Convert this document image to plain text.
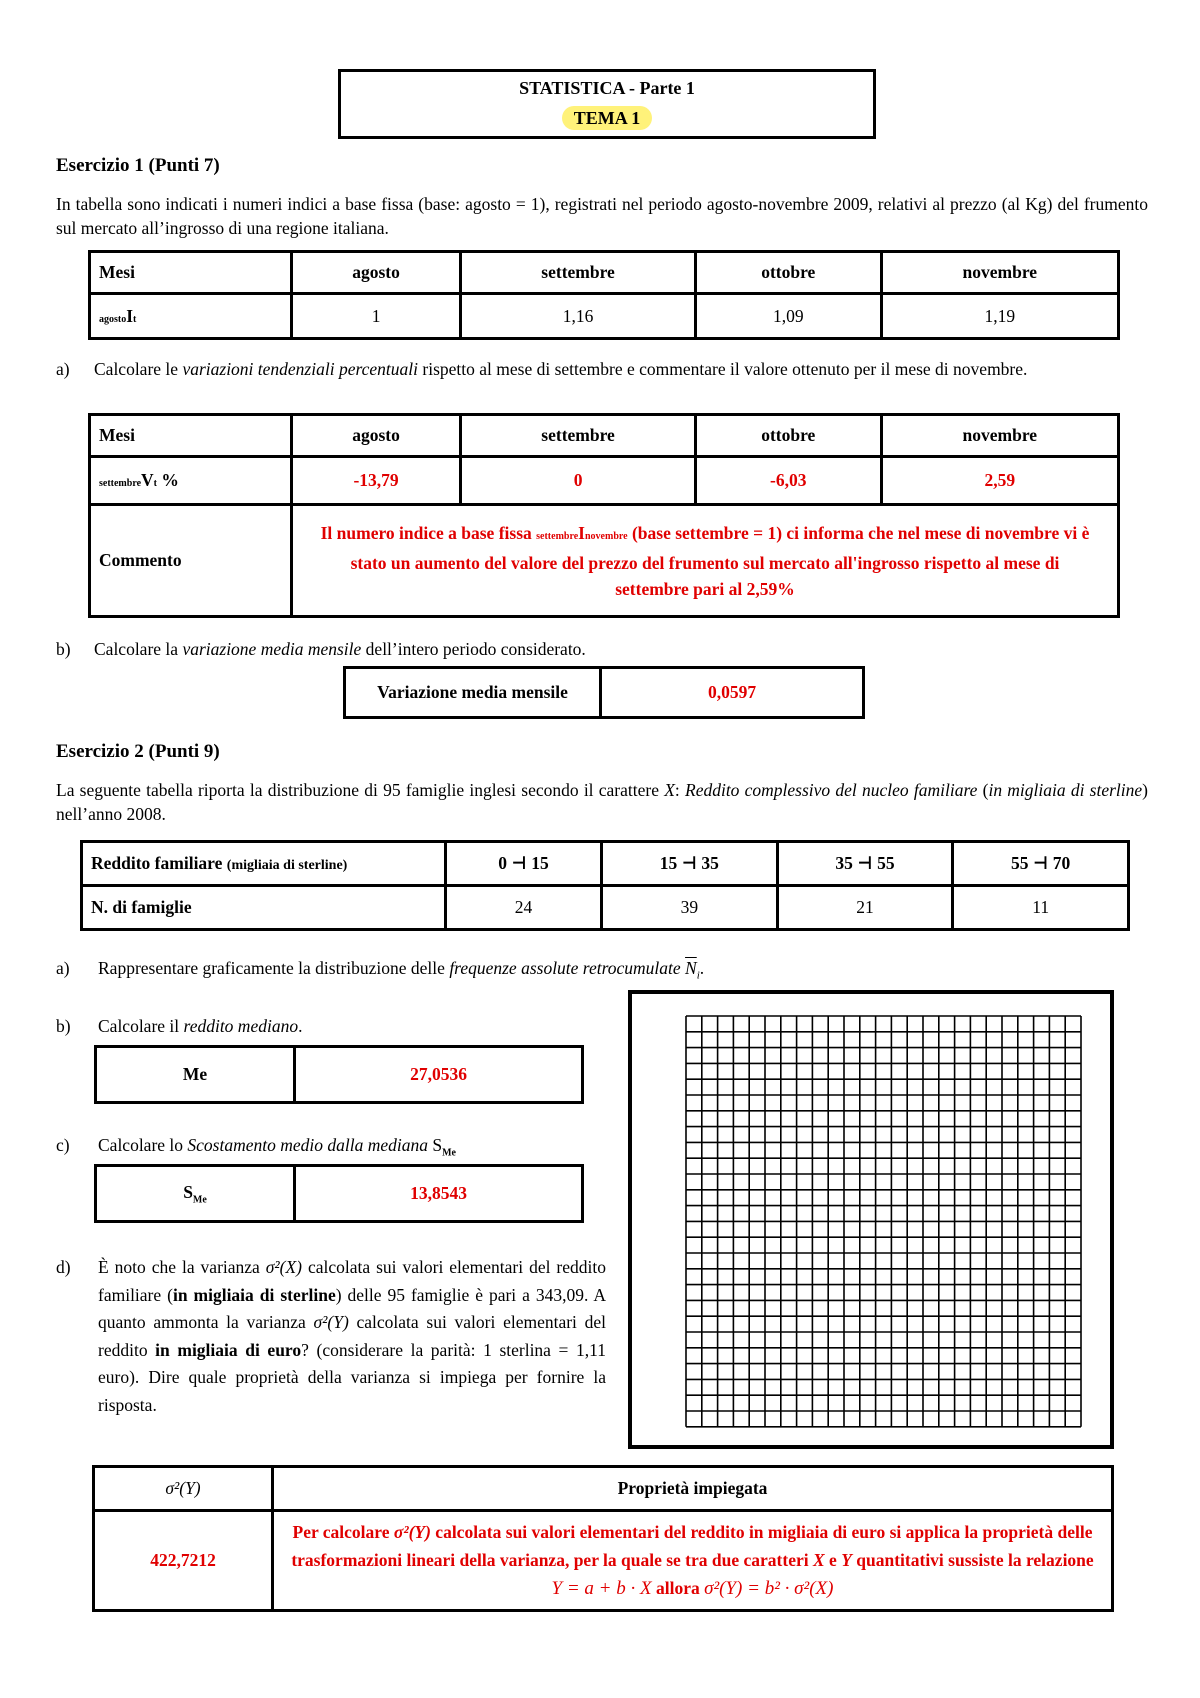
STATISTICA - Parte 1
TEMA 1
Esercizio 1 (Punti 7)
In tabella sono indicati i numeri indici a base fissa (base: agosto = 1), registrati nel periodo agosto-novembre 2009, relativi al prezzo (al Kg) del frumento sul mercato all’ingrosso di una regione italiana.
Mesi	agosto	settembre	ottobre	novembre
agostoIt	1	1,16	1,09	1,19
a) Calcolare le variazioni tendenziali percentuali rispetto al mese di settembre e commentare il valore ottenuto per il mese di novembre.
Mesi	agosto	settembre	ottobre	novembre
settembreVt %	-13,79	0	-6,03	2,59
Commento	Il numero indice a base fissa settembreInovembre (base settembre = 1) ci informa che nel mese di novembre vi è stato un aumento del valore del prezzo del frumento sul mercato all'ingrosso rispetto al mese di settembre pari al 2,59%			
b) Calcolare la variazione media mensile dell’intero periodo considerato.
Variazione media mensile	0,0597
Esercizio 2 (Punti 9)
La seguente tabella riporta la distribuzione di 95 famiglie inglesi secondo il carattere X: Reddito complessivo del nucleo familiare (in migliaia di sterline) nell’anno 2008.
Reddito familiare (migliaia di sterline)	0 ⊣ 15	15 ⊣ 35	35 ⊣ 55	55 ⊣ 70
N. di famiglie	24	39	21	11
a) Rappresentare graficamente la distribuzione delle frequenze assolute retrocumulate $\overline{N}_i$.
b) Calcolare il reddito mediano.
Me	27,0536
c) Calcolare lo Scostamento medio dalla mediana $S_{Me}$
$S_{Me}$	13,8543
d) È noto che la varianza σ²(X) calcolata sui valori elementari del reddito familiare (in migliaia di sterline) delle 95 famiglie è pari a 343,09. A quanto ammonta la varianza σ²(Y) calcolata sui valori elementari del reddito in migliaia di euro? (considerare la parità: 1 sterlina = 1,11 euro). Dire quale proprietà della varianza si impiega per fornire la risposta.
σ²(Y)	Proprietà impiegata
422,7212	Per calcolare σ²(Y) calcolata sui valori elementari del reddito in migliaia di euro si applica la proprietà delle trasformazioni lineari della varianza, per la quale se tra due caratteri X e Y quantitativi sussiste la relazione Y = a + b · X allora σ²(Y) = b² · σ²(X)
